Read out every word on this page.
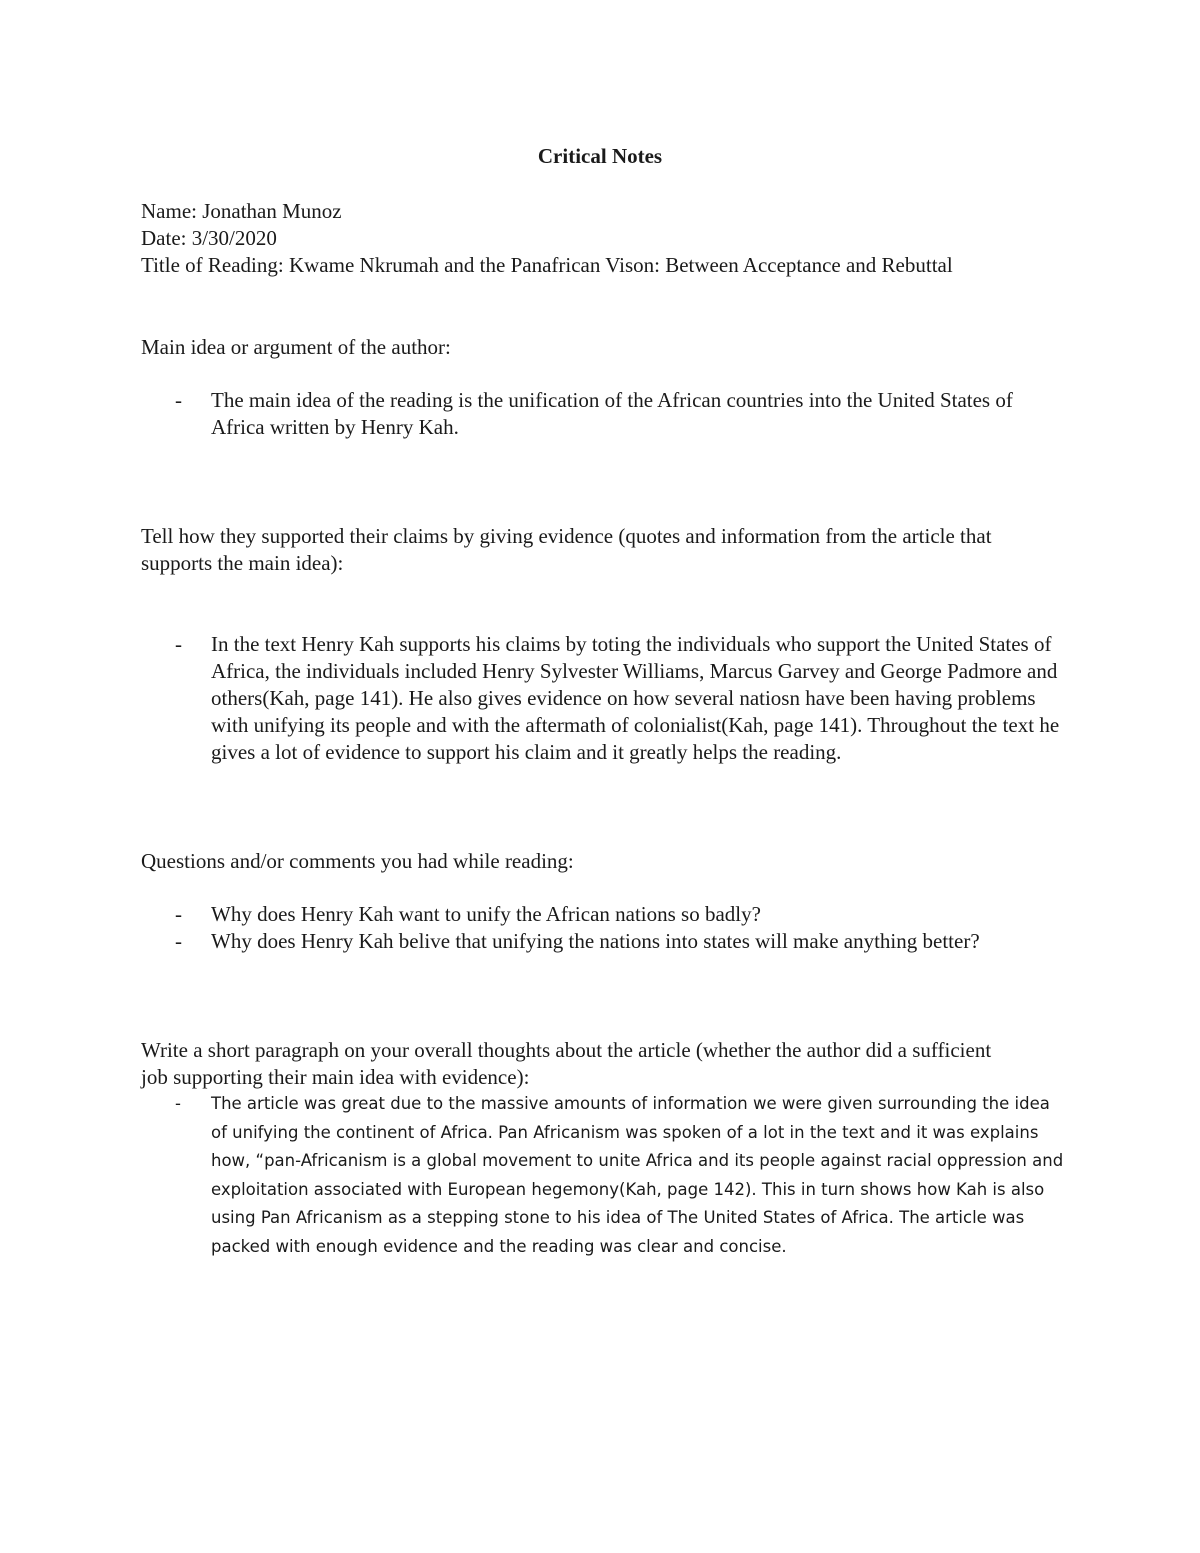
Critical Notes
Name: Jonathan Munoz
Date: 3/30/2020
Title of Reading: Kwame Nkrumah and the Panafrican Vison: Between Acceptance and Rebuttal
Main idea or argument of the author:
- The main idea of the reading is the unification of the African countries into the United States of Africa written by Henry Kah.
Tell how they supported their claims by giving evidence (quotes and information from the article that supports the main idea):
- In the text Henry Kah supports his claims by toting the individuals who support the United States of Africa, the individuals included Henry Sylvester Williams, Marcus Garvey and George Padmore and others(Kah, page 141). He also gives evidence on how several natiosn have been having problems with unifying its people and with the aftermath of colonialist(Kah, page 141). Throughout the text he gives a lot of evidence to support his claim and it greatly helps the reading.
Questions and/or comments you had while reading:
- Why does Henry Kah want to unify the African nations so badly?
- Why does Henry Kah belive that unifying the nations into states will make anything better?
Write a short paragraph on your overall thoughts about the article (whether the author did a sufficient job supporting their main idea with evidence):
- The article was great due to the massive amounts of information we were given surrounding the idea of unifying the continent of Africa. Pan Africanism was spoken of a lot in the text and it was explains how, “pan-Africanism is a global movement to unite Africa and its people against racial oppression and exploitation associated with European hegemony(Kah, page 142). This in turn shows how Kah is also using Pan Africanism as a stepping stone to his idea of The United States of Africa. The article was packed with enough evidence and the reading was clear and concise.
